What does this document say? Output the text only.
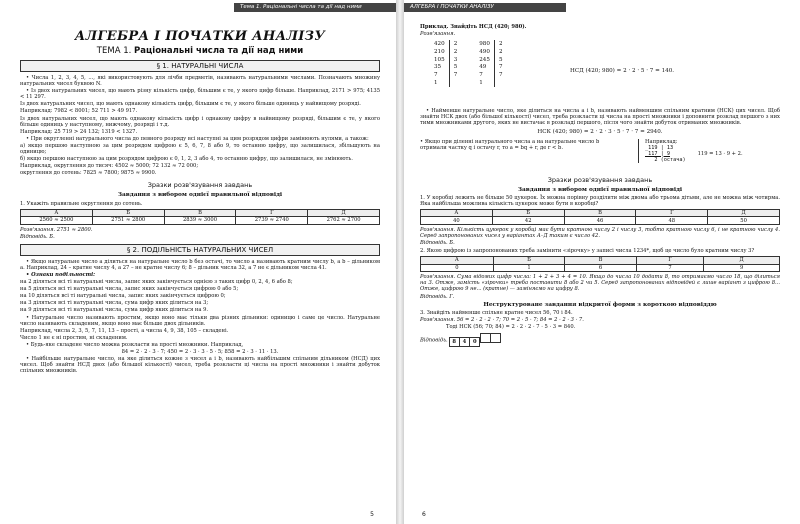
Тема 1. Раціональні числа та дії над ними
АЛГЕБРА І ПОЧАТКИ АНАЛІЗУ
ТЕМА 1. Раціональні числа та дії над ними
§ 1. НАТУРАЛЬНІ ЧИСЛА

• Числа 1, 2, 3, 4, 5, ..., які використовують для лічби предметів, називають натуральними числами. Позначають множину натуральних чисел буквою N.

• Із двох натуральних чисел, що мають різну кількість цифр, більшим є те, у якого цифр більше. Наприклад, 2171 > 975; 4135 < 11 297.

Із двох натуральних чисел, що мають однакову кількість цифр, більшим є те, у якого більше одиниць у найвищому розряді.

Наприклад: 7982 < 8001; 52 711 > 49 917.

Із двох натуральних чисел, що мають однакову кількість цифр і однакову цифру в найвищому розряді, більшим є те, у якого більше одиниць у наступному, нижчому, розряді і т.д.

Наприклад: 25 719 > 24 132; 1319 < 1327.

• При округленні натурального числа до певного розряду всі наступні за цим розрядом цифри замінюють нулями, а також:

а) якщо першою наступною за цим розрядом цифрою є 5, 6, 7, 8 або 9, то останню цифру, що залишилася, збільшують на одиницю;

б) якщо першою наступною за цим розрядом цифрою є 0, 1, 2, 3 або 4, то останню цифру, що залишилася, не змінюють.

Наприклад, округлення до тисяч: 4502 ≈ 5000; 72 132 ≈ 72 000;

округлення до сотень: 7825 ≈ 7800; 9875 ≈ 9900.

Зразки розв'язування завдань
Завдання з вибором однієї правильної відповіді

1. Укажіть правильне округлення до сотень.

А	Б	В	Г	Д
2560 ≈ 2500	2751 ≈ 2800	2839 ≈ 3000	2739 ≈ 2740	2762 ≈ 2700

Розв'язання. 2751 ≈ 2800.

Відповідь. Б.

§ 2. ПОДІЛЬНІСТЬ НАТУРАЛЬНИХ ЧИСЕЛ

• Якщо натуральне число a ділиться на натуральне число b без остачі, то число a називають кратним числу b, а b – дільником a. Наприклад, 24 – кратне числу 4, а 27 – не кратне числу 6; 8 – дільник числа 32, а 7 не є дільником числа 41.

• Ознаки подільності:

на 2 діляться всі ті натуральні числа, запис яких закінчується однією з таких цифр 0, 2, 4, 6 або 8;

на 5 діляться всі ті натуральні числа, запис яких закінчується цифрою 0 або 5;

на 10 діляться всі ті натуральні числа, запис яких закінчується цифрою 0;

на 3 діляться всі ті натуральні числа, сума цифр яких ділиться на 3;

на 9 діляться всі ті натуральні числа, сума цифр яких ділиться на 9.

• Натуральне число називають простим, якщо воно має тільки два різних дільники: одиницю і саме це число. Натуральне число називають складеним, якщо воно має більше двох дільників.

Наприклад, числа 2, 3, 5, 7, 11, 13 – прості, а числа 4, 9, 38, 105 – складені.

Число 1 не є ні простим, ні складеним.

• Будь-яке складене число можна розкласти на прості множники. Наприклад,

84 = 2 · 2 · 3 · 7; 450 = 2 · 3 · 3 · 5 · 5; 858 = 2 · 3 · 11 · 13.

• Найбільше натуральне число, на яке ділиться кожне з чисел a і b, називають найбільшим спільним дільником (НСД) цих чисел. Щоб знайти НСД двох (або більшої кількості) чисел, треба розкласти ці числа на прості множники і знайти добуток спільних множників.

5
АЛГЕБРА І ПОЧАТКИ АНАЛІЗУ

Приклад. Знайдіть НСД (420; 980).

Розв'язання.

420	2		980	2
210	2		490	2
105	3		245	5
35	5		49	7
7	7		7	7
1			1	
НСД (420; 980) = 2 · 2 · 5 · 7 = 140.

• Найменше натуральне число, яке ділиться на числа a і b, називають найменшим спільним кратним (НСК) цих чисел. Щоб знайти НСК двох (або більшої кількості) чисел, треба розкласти ці числа на прості множники і доповнити розклад першого з них тими множниками другого, яких не вистачає в розкладі першого, після чого знайти добуток отриманих множників.

НСК (420; 980) = 2 · 2 · 3 · 5 · 7 · 7 = 2940.
• Якщо при діленні натурального числа a на натуральне число b отримали частку q і остачу r, то a = bq + r, де r < b.
Наприклад:
_119 | 13
117 | 9
2 (остача)
119 = 13 · 9 + 2.
Зразки розв'язування завдань
Завдання з вибором однієї правильної відповіді

1. У коробці лежить не більше 50 цукерок. Їх можна порівну розділити між двома або трьома дітьми, але не можна між чотирма. Яка найбільша можлива кількість цукерок може бути в коробці?

А	Б	В	Г	Д
40	42	46	48	50

Розв'язання. Кількість цукерок у коробці має бути кратною числу 2 і числу 3, тобто кратною числу 6, і не кратною числу 4. Серед запропонованих чисел у варіантах А–Д таким є число 42.

Відповідь. Б.

2. Якою цифрою із запропонованих треба замінити «зірочку» у записі числа 1234*, щоб це число було кратним числу 3?

А	Б	В	Г	Д
0	1	6	7	9

Розв'язання. Сума відомих цифр числа: 1 + 2 + 3 + 4 = 10. Якщо до числа 10 додати 8, то отримаємо число 18, що ділиться на 3. Отже, замість «зірочки» треба поставити 8 або 2 чи 5. Серед запропонованих відповідей є лише варіант з цифрою 8... Отже, цифрою 9 не... (кратне) — заміняємо на цифру 8.

Відповідь. Г.

Неструктуроване завдання відкритої форми з короткою відповіддю

3. Знайдіть найменше спільне кратне чисел 56, 70 і 84.

Розв'язання. 56 = 2 · 2 · 2 · 7; 70 = 2 · 5 · 7; 84 = 2 · 2 · 3 · 7.

Тоді НСК (56; 70; 84) = 2 · 2 · 2 · 7 · 5 · 3 = 840.

Відповідь. 8 4 0

6
